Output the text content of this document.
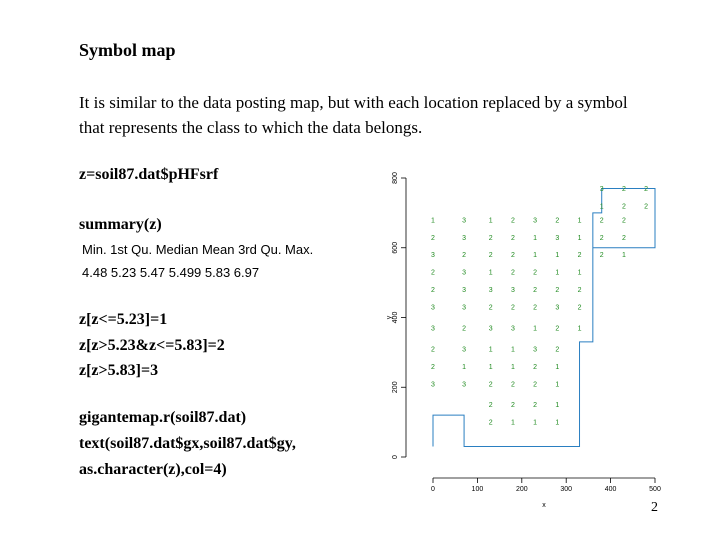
Symbol map
It is similar to the data posting map, but with each location replaced by a symbol
that represents the class to which the data belongs.
z=soil87.dat$pHFsrf
summary(z)
Min. 1st Qu. Median Mean 3rd Qu. Max.
4.48 5.23 5.47 5.499 5.83 6.97
z[z<=5.23]=1
z[z>5.23&z<=5.83]=2
z[z>5.83]=3
gigantemap.r(soil87.dat)
text(soil87.dat$gx,soil87.dat$gy,
as.character(z),col=4)
2
0
200
400
600
800
y
0	100	200	300	400	500
x
3	2	2
1	2	2
1	3	1	2	3	2	1	2	2
2	3	2	2	1	3	1	2	2
3	2	2	2	1	1	2	2	1
2	3	1	2	2	1	1
2	3	3	3	2	2	2
3	3	2	2	2	3	2
3	2	3	3	1	2	1
2	3	1	1	3	2
2	1	1	1	2	1
3	3	2	2	2	1
2	2	2	1
2	1	1	1
